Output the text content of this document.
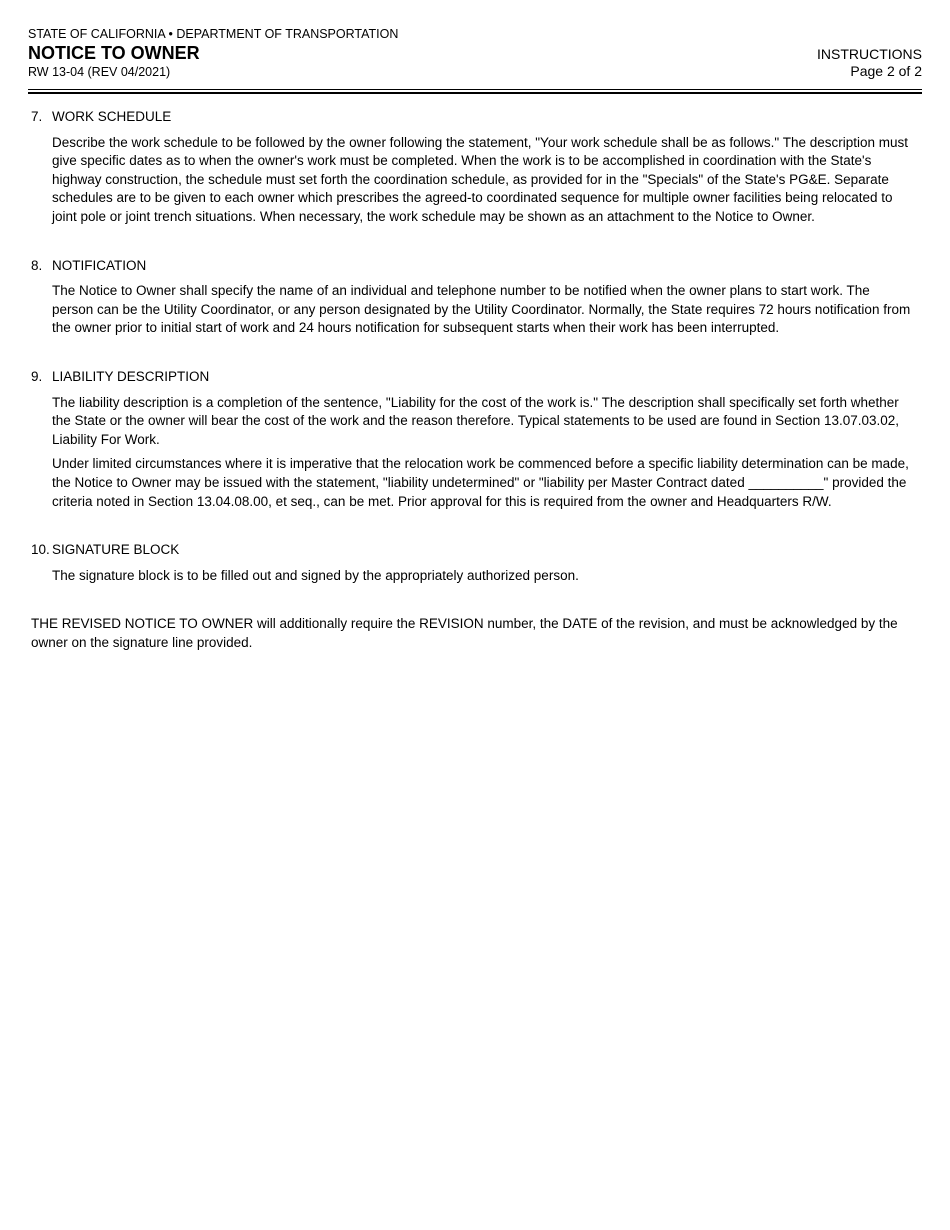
STATE OF CALIFORNIA • DEPARTMENT OF TRANSPORTATION
NOTICE TO OWNER
RW 13-04 (REV 04/2021)
INSTRUCTIONS
Page 2 of 2
7. WORK SCHEDULE

Describe the work schedule to be followed by the owner following the statement, "Your work schedule shall be as follows." The description must give specific dates as to when the owner's work must be completed. When the work is to be accomplished in coordination with the State's highway construction, the schedule must set forth the coordination schedule, as provided for in the "Specials" of the State's PG&E. Separate schedules are to be given to each owner which prescribes the agreed-to coordinated sequence for multiple owner facilities being relocated to joint pole or joint trench situations. When necessary, the work schedule may be shown as an attachment to the Notice to Owner.

8. NOTIFICATION

The Notice to Owner shall specify the name of an individual and telephone number to be notified when the owner plans to start work. The person can be the Utility Coordinator, or any person designated by the Utility Coordinator. Normally, the State requires 72 hours notification from the owner prior to initial start of work and 24 hours notification for subsequent starts when their work has been interrupted.

9. LIABILITY DESCRIPTION

The liability description is a completion of the sentence, "Liability for the cost of the work is." The description shall specifically set forth whether the State or the owner will bear the cost of the work and the reason therefore. Typical statements to be used are found in Section 13.07.03.02, Liability For Work.

Under limited circumstances where it is imperative that the relocation work be commenced before a specific liability determination can be made, the Notice to Owner may be issued with the statement, "liability undetermined" or "liability per Master Contract dated __________" provided the criteria noted in Section 13.04.08.00, et seq., can be met. Prior approval for this is required from the owner and Headquarters R/W.

10. SIGNATURE BLOCK

The signature block is to be filled out and signed by the appropriately authorized person.

THE REVISED NOTICE TO OWNER will additionally require the REVISION number, the DATE of the revision, and must be acknowledged by the owner on the signature line provided.
